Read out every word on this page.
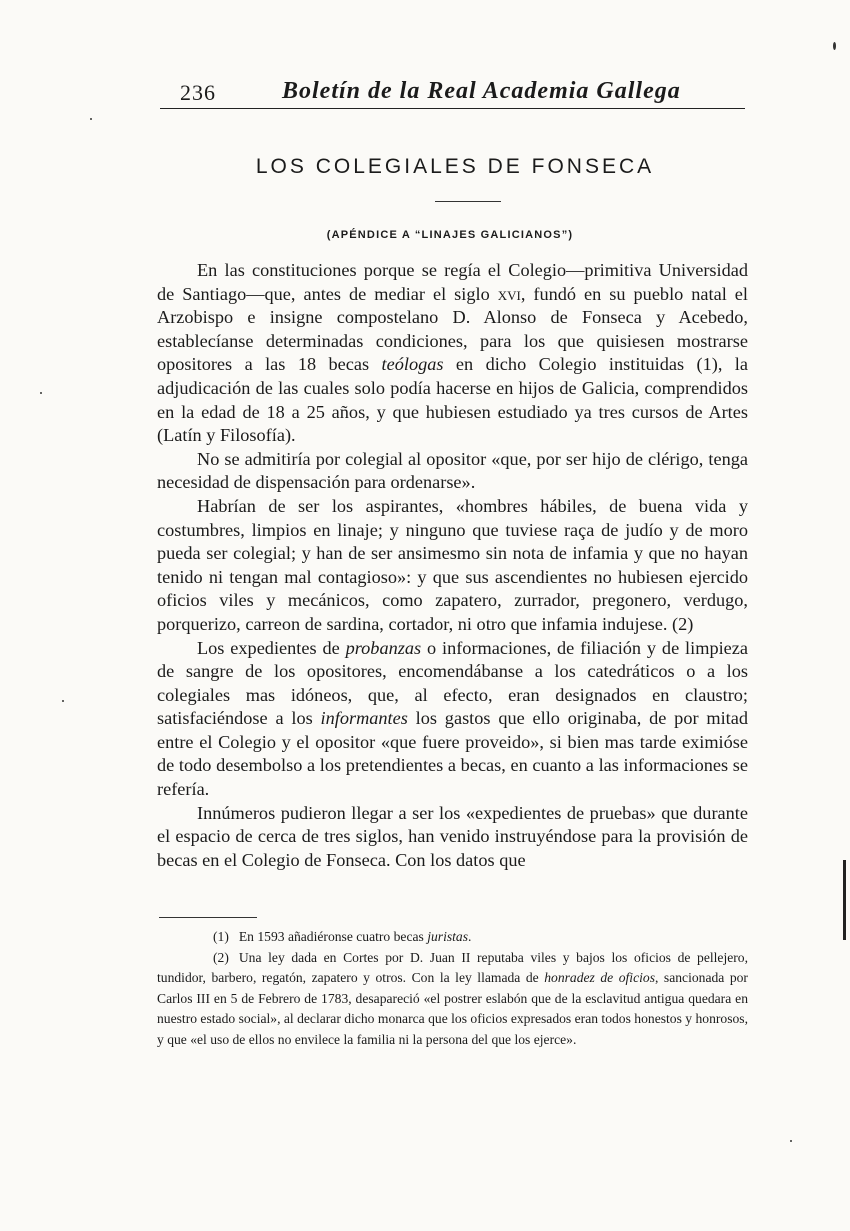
236	Boletín de la Real Academia Gallega
LOS COLEGIALES DE FONSECA
(APÉNDICE A “LINAJES GALICIANOS”)

En las constituciones porque se regía el Colegio—primitiva Universidad de Santiago—que, antes de mediar el siglo xvi, fundó en su pueblo natal el Arzobispo e insigne compostelano D. Alonso de Fonseca y Acebedo, establecíanse determinadas condiciones, para los que quisiesen mostrarse opositores a las 18 becas teólogas en dicho Colegio instituidas (1), la adjudicación de las cuales solo podía hacerse en hijos de Galicia, comprendidos en la edad de 18 a 25 años, y que hubiesen estudiado ya tres cursos de Artes (Latín y Filosofía).

No se admitiría por colegial al opositor «que, por ser hijo de clérigo, tenga necesidad de dispensación para ordenarse».

Habrían de ser los aspirantes, «hombres hábiles, de buena vida y costumbres, limpios en linaje; y ninguno que tuviese raça de judío y de moro pueda ser colegial; y han de ser ansimesmo sin nota de infamia y que no hayan tenido ni tengan mal contagioso»: y que sus ascendientes no hubiesen ejercido oficios viles y mecánicos, como zapatero, zurrador, pregonero, verdugo, porquerizo, carreon de sardina, cortador, ni otro que infamia indujese. (2)

Los expedientes de probanzas o informaciones, de filiación y de limpieza de sangre de los opositores, encomendábanse a los catedráticos o a los colegiales mas idóneos, que, al efecto, eran designados en claustro; satisfaciéndose a los informantes los gastos que ello originaba, de por mitad entre el Colegio y el opositor «que fuere proveido», si bien mas tarde eximióse de todo desembolso a los pretendientes a becas, en cuanto a las informaciones se refería.

Innúmeros pudieron llegar a ser los «expedientes de pruebas» que durante el espacio de cerca de tres siglos, han venido instruyéndose para la provisión de becas en el Colegio de Fonseca. Con los datos que

(1) En 1593 añadiéronse cuatro becas juristas.

(2) Una ley dada en Cortes por D. Juan II reputaba viles y bajos los oficios de pellejero, tundidor, barbero, regatón, zapatero y otros. Con la ley llamada de honradez de oficios, sancionada por Carlos III en 5 de Febrero de 1783, desapareció «el postrer eslabón que de la esclavitud antigua quedara en nuestro estado social», al declarar dicho monarca que los oficios expresados eran todos honestos y honrosos, y que «el uso de ellos no envilece la familia ni la persona del que los ejerce».
